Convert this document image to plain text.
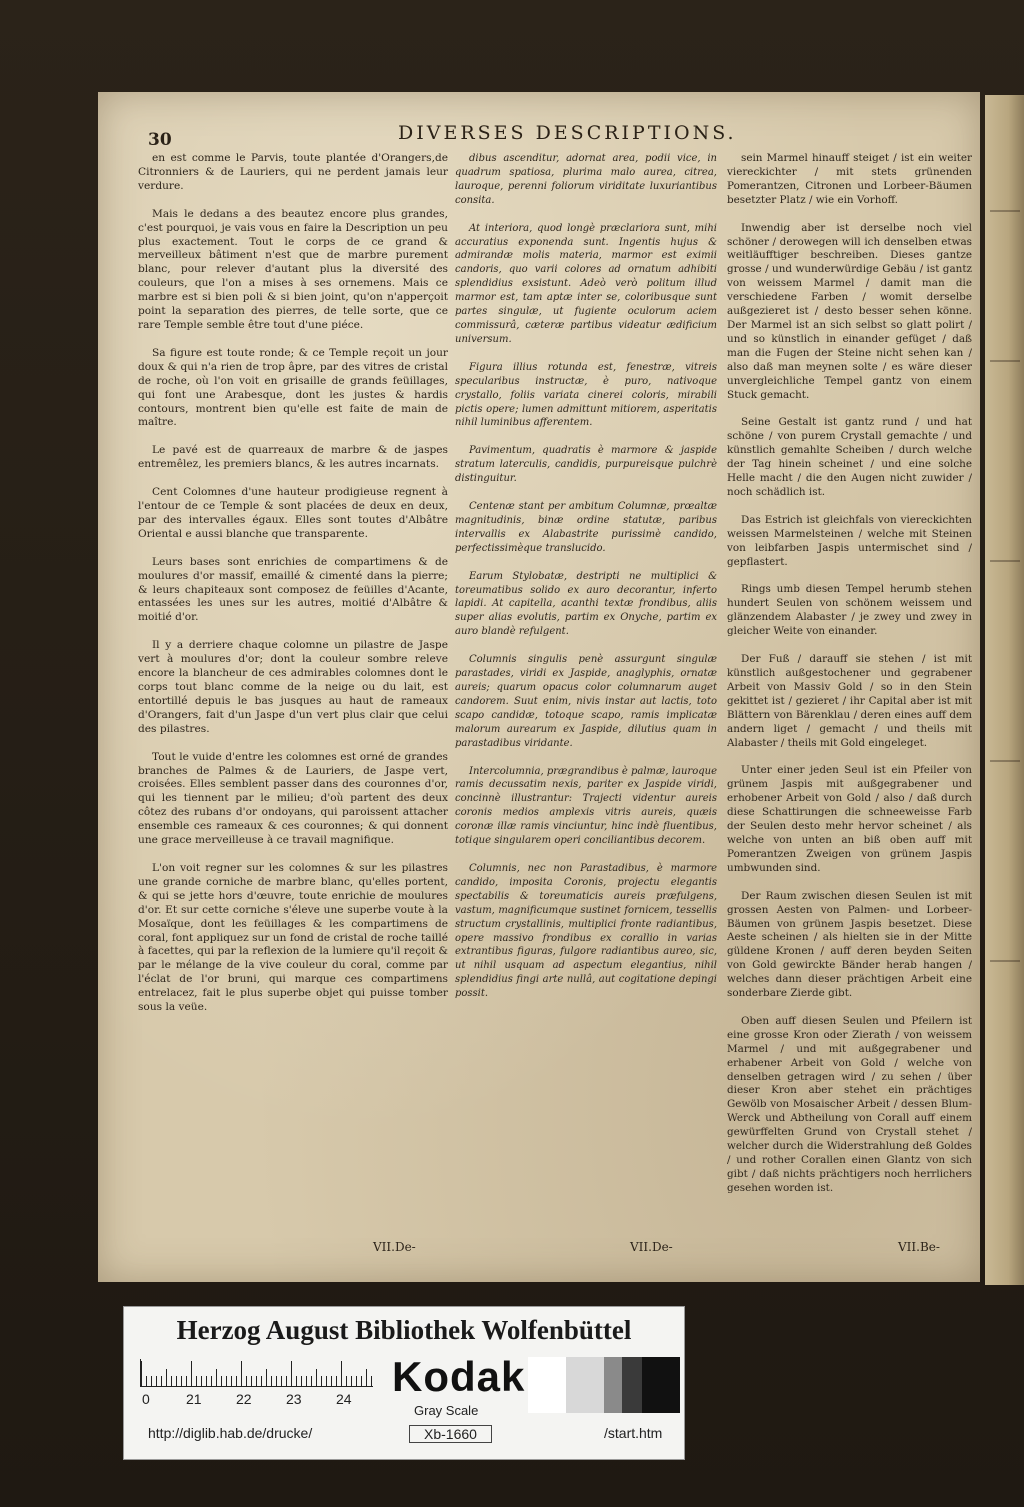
30	DIVERSES DESCRIPTIONS.

en est comme le Parvis, toute plantée d'Orangers,de Citronniers & de Lauriers, qui ne perdent jamais leur verdure.

Mais le dedans a des beautez encore plus grandes, c'est pourquoi, je vais vous en faire la Description un peu plus exactement. Tout le corps de ce grand & merveilleux bâtiment n'est que de marbre purement blanc, pour relever d'autant plus la diversité des couleurs, que l'on a mises à ses ornemens. Mais ce marbre est si bien poli & si bien joint, qu'on n'apperçoit point la separation des pierres, de telle sorte, que ce rare Temple semble être tout d'une piéce.

Sa figure est toute ronde; & ce Temple reçoit un jour doux & qui n'a rien de trop âpre, par des vitres de cristal de roche, où l'on voit en grisaille de grands feüillages, qui font une Arabesque, dont les justes & hardis contours, montrent bien qu'elle est faite de main de maître.

Le pavé est de quarreaux de marbre & de jaspes entremêlez, les premiers blancs, & les autres incarnats.

Cent Colomnes d'une hauteur prodigieuse regnent à l'entour de ce Temple & sont placées de deux en deux, par des intervalles égaux. Elles sont toutes d'Albâtre Oriental e aussi blanche que transparente.

Leurs bases sont enrichies de compartimens & de moulures d'or massif, emaillé & cimenté dans la pierre; & leurs chapiteaux sont composez de feüilles d'Acante, entassées les unes sur les autres, moitié d'Albâtre & moitié d'or.

Il y a derriere chaque colomne un pilastre de Jaspe vert à moulures d'or; dont la couleur sombre releve encore la blancheur de ces admirables colomnes dont le corps tout blanc comme de la neige ou du lait, est entortillé depuis le bas jusques au haut de rameaux d'Orangers, fait d'un Jaspe d'un vert plus clair que celui des pilastres.

Tout le vuide d'entre les colomnes est orné de grandes branches de Palmes & de Lauriers, de Jaspe vert, croisées. Elles semblent passer dans des couronnes d'or, qui les tiennent par le milieu; d'où partent des deux côtez des rubans d'or ondoyans, qui paroissent attacher ensemble ces rameaux & ces couronnes; & qui donnent une grace merveilleuse à ce travail magnifique.

L'on voit regner sur les colomnes & sur les pilastres une grande corniche de marbre blanc, qu'elles portent, & qui se jette hors d'œuvre, toute enrichie de moulures d'or. Et sur cette corniche s'éleve une superbe voute à la Mosaïque, dont les feüillages & les compartimens de coral, font appliquez sur un fond de cristal de roche taillé à facettes, qui par la reflexion de la lumiere qu'il reçoit & par le mélange de la vive couleur du coral, comme par l'éclat de l'or bruni, qui marque ces compartimens entrelacez, fait le plus superbe objet qui puisse tomber sous la veüe.

dibus ascenditur, adornat area, podii vice, in quadrum spatiosa, plurima malo aurea, citrea, lauroque, perenni foliorum viriditate luxuriantibus consita.

At interiora, quod longè præclariora sunt, mihi accuratius exponenda sunt. Ingentis hujus & admirandæ molis materia, marmor est eximii candoris, quo varii colores ad ornatum adhibiti splendidius exsistunt. Adeò verò politum illud marmor est, tam aptæ inter se, coloribusque sunt partes singulæ, ut fugiente oculorum aciem commissurâ, cæteræ partibus videatur ædificium universum.

Figura illius rotunda est, fenestræ, vitreis specularibus instructæ, è puro, nativoque crystallo, foliis variata cinerei coloris, mirabili pictis opere; lumen admittunt mitiorem, asperitatis nihil luminibus afferentem.

Pavimentum, quadratis è marmore & jaspide stratum laterculis, candidis, purpureisque pulchrè distinguitur.

Centenæ stant per ambitum Columnæ, prœaltæ magnitudinis, binæ ordine statutæ, paribus intervallis ex Alabastrite purissimè candido, perfectissimèque translucido.

Earum Stylobatæ, destripti ne multiplici & toreumatibus solido ex auro decorantur, inferto lapidi. At capitella, acanthi textæ frondibus, aliis super alias evolutis, partim ex Onyche, partim ex auro blandè refulgent.

Columnis singulis penè assurgunt singulæ parastades, viridi ex Jaspide, anaglyphis, ornatæ aureis; quarum opacus color columnarum auget candorem. Suut enim, nivis instar aut lactis, toto scapo candidæ, totoque scapo, ramis implicatæ malorum aurearum ex Jaspide, dilutius quam in parastadibus viridante.

Intercolumnia, prægrandibus è palmæ, lauroque ramis decussatim nexis, pariter ex Jaspide viridi, concinnè illustrantur: Trajecti videntur aureis coronis medios amplexis vitris aureis, quæis coronæ illæ ramis vinciuntur, hinc indè fluentibus, totique singularem operi conciliantibus decorem.

Columnis, nec non Parastadibus, è marmore candido, imposita Coronis, projectu elegantis spectabilis & toreumaticis aureis præfulgens, vastum, magnificumque sustinet fornicem, tessellis structum crystallinis, multiplici fronte radiantibus, opere massivo frondibus ex corallio in varias extrantibus figuras, fulgore radiantibus aureo, sic, ut nihil usquam ad aspectum elegantius, nihil splendidius fingi arte nullâ, aut cogitatione depingi possit.

sein Marmel hinauff steiget / ist ein weiter viereckichter / mit stets grünenden Pomerantzen, Citronen und Lorbeer-Bäumen besetzter Platz / wie ein Vorhoff.

Inwendig aber ist derselbe noch viel schöner / derowegen will ich denselben etwas weitläufftiger beschreiben. Dieses gantze grosse / und wunderwürdige Gebäu / ist gantz von weissem Marmel / damit man die verschiedene Farben / womit derselbe außgezieret ist / desto besser sehen könne. Der Marmel ist an sich selbst so glatt polirt / und so künstlich in einander gefüget / daß man die Fugen der Steine nicht sehen kan / also daß man meynen solte / es wäre dieser unvergleichliche Tempel gantz von einem Stuck gemacht.

Seine Gestalt ist gantz rund / und hat schöne / von purem Crystall gemachte / und künstlich gemahlte Scheiben / durch welche der Tag hinein scheinet / und eine solche Helle macht / die den Augen nicht zuwider / noch schädlich ist.

Das Estrich ist gleichfals von viereckichten weissen Marmelsteinen / welche mit Steinen von leibfarben Jaspis untermischet sind / gepflastert.

Rings umb diesen Tempel herumb stehen hundert Seulen von schönem weissem und glänzendem Alabaster / je zwey und zwey in gleicher Weite von einander.

Der Fuß / darauff sie stehen / ist mit künstlich außgestochener und gegrabener Arbeit von Massiv Gold / so in den Stein gekittet ist / gezieret / ihr Capital aber ist mit Blättern von Bärenklau / deren eines auff dem andern liget / gemacht / und theils mit Alabaster / theils mit Gold eingeleget.

Unter einer jeden Seul ist ein Pfeiler von grünem Jaspis mit außgegrabener und erhobener Arbeit von Gold / also / daß durch diese Schattirungen die schneeweisse Farb der Seulen desto mehr hervor scheinet / als welche von unten an biß oben auff mit Pomerantzen Zweigen von grünem Jaspis umbwunden sind.

Der Raum zwischen diesen Seulen ist mit grossen Aesten von Palmen- und Lorbeer-Bäumen von grünem Jaspis besetzet. Diese Aeste scheinen / als hielten sie in der Mitte güldene Kronen / auff deren beyden Seiten von Gold gewirckte Bänder herab hangen / welches dann dieser prächtigen Arbeit eine sonderbare Zierde gibt.

Oben auff diesen Seulen und Pfeilern ist eine grosse Kron oder Zierath / von weissem Marmel / und mit außgegrabener und erhabener Arbeit von Gold / welche von denselben getragen wird / zu sehen / über dieser Kron aber stehet ein prächtiges Gewölb von Mosaischer Arbeit / dessen Blum-Werck und Abtheilung von Corall auff einem gewürffelten Grund von Crystall stehet / welcher durch die Widerstrahlung deß Goldes / und rother Corallen einen Glantz von sich gibt / daß nichts prächtigers noch herrlichers gesehen worden ist.

VII.De-	VII.De-	VII.Be-
Herzog August Bibliothek Wolfenbüttel
0	21 22 23 24 Kodak
Gray Scale
http://diglib.hab.de/drucke/	Xb-1660	/start.htm
